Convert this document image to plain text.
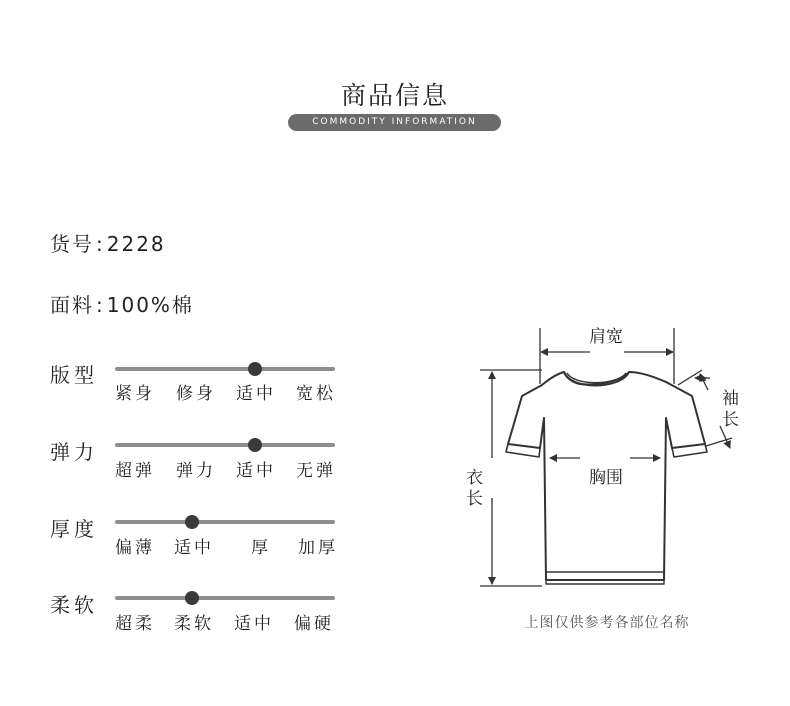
商品信息
COMMODITY INFORMATION
货号 : 2228
面料 : 100%棉
版型
紧身 修身 适中 宽松
弹力
超弹 弹力 适中 无弹
厚度
偏薄 适中 厚 加厚
柔软
超柔 柔软 适中 偏硬
肩宽
胸围
衣
长
袖
长
上图仅供参考各部位名称
